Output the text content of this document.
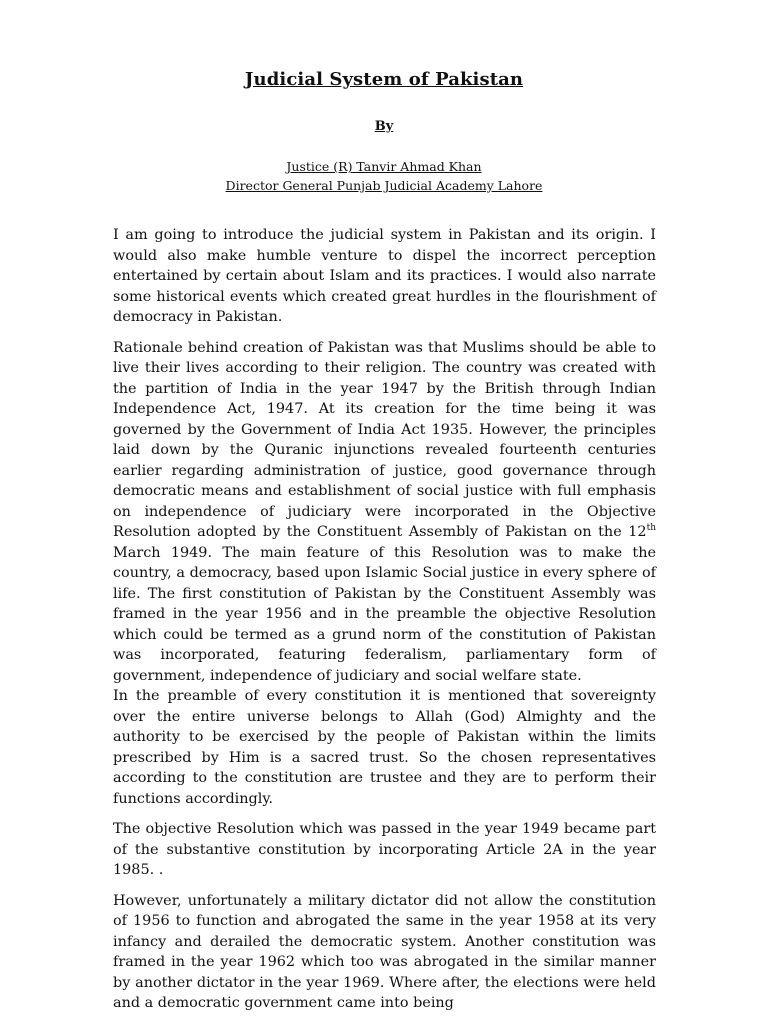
Judicial System of Pakistan
By
Justice (R) Tanvir Ahmad Khan
Director General Punjab Judicial Academy Lahore

I am going to introduce the judicial system in Pakistan and its origin. I would also make humble venture to dispel the incorrect perception entertained by certain about Islam and its practices. I would also narrate some historical events which created great hurdles in the flourishment of democracy in Pakistan.

Rationale behind creation of Pakistan was that Muslims should be able to live their lives according to their religion. The country was created with the partition of India in the year 1947 by the British through Indian Independence Act, 1947. At its creation for the time being it was governed by the Government of India Act 1935. However, the principles laid down by the Quranic injunctions revealed fourteenth centuries earlier regarding administration of justice, good governance through democratic means and establishment of social justice with full emphasis on independence of judiciary were incorporated in the Objective Resolution adopted by the Constituent Assembly of Pakistan on the 12th March 1949. The main feature of this Resolution was to make the country, a democracy, based upon Islamic Social justice in every sphere of life. The first constitution of Pakistan by the Constituent Assembly was framed in the year 1956 and in the preamble the objective Resolution which could be termed as a grund norm of the constitution of Pakistan was incorporated, featuring federalism, parliamentary form of government, independence of judiciary and social welfare state.

In the preamble of every constitution it is mentioned that sovereignty over the entire universe belongs to Allah (God) Almighty and the authority to be exercised by the people of Pakistan within the limits prescribed by Him is a sacred trust. So the chosen representatives according to the constitution are trustee and they are to perform their functions accordingly.

The objective Resolution which was passed in the year 1949 became part of the substantive constitution by incorporating Article 2A in the year 1985. .

However, unfortunately a military dictator did not allow the constitution of 1956 to function and abrogated the same in the year 1958 at its very infancy and derailed the democratic system. Another constitution was framed in the year 1962 which too was abrogated in the similar manner by another dictator in the year 1969. Where after, the elections were held and a democratic government came into being
